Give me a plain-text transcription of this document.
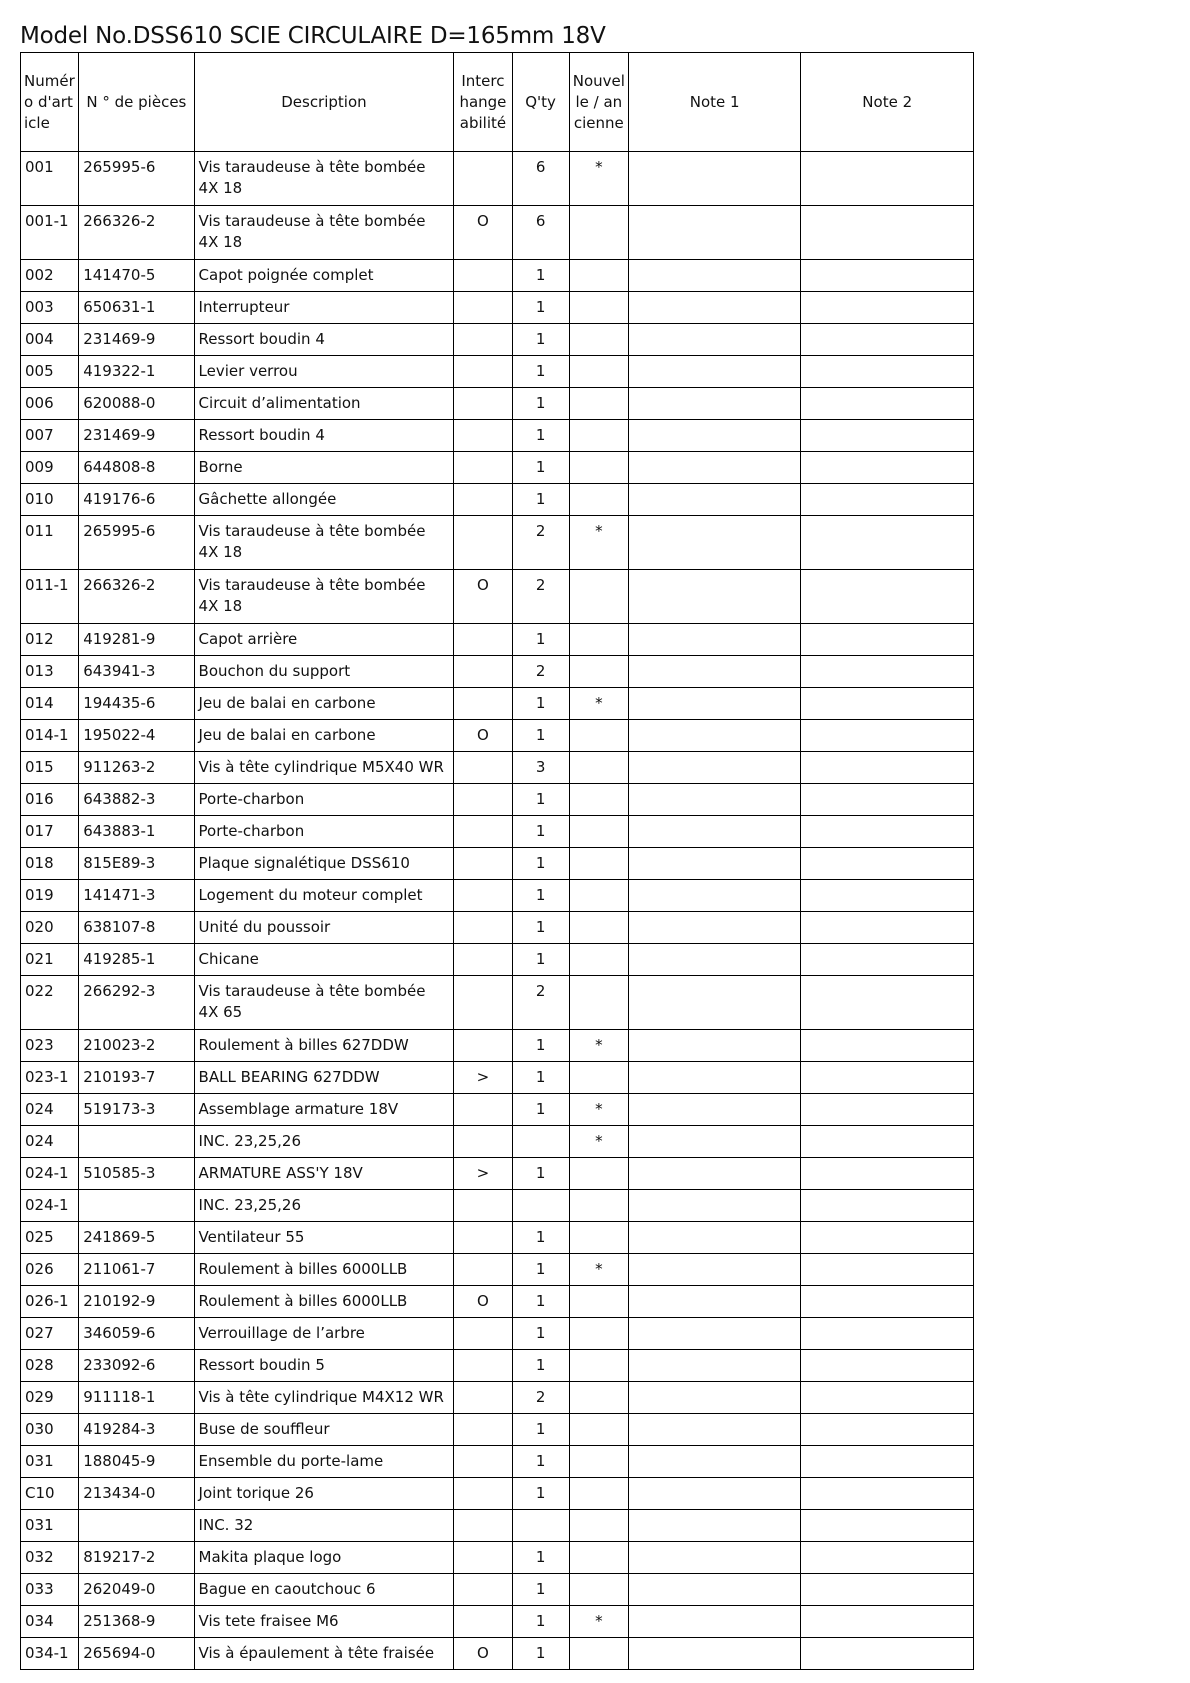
Model No.DSS610 SCIE CIRCULAIRE D=165mm 18V
Numéro d'article	N ° de pièces	Description	Interchangeabilité	Q'ty	Nouvelle / ancienne	Note 1	Note 2
001	265995-6	Vis taraudeuse à tête bombée 4X 18		6	*		
001-1	266326-2	Vis taraudeuse à tête bombée 4X 18	O	6			
002	141470-5	Capot poignée complet		1			
003	650631-1	Interrupteur		1			
004	231469-9	Ressort boudin 4		1			
005	419322-1	Levier verrou		1			
006	620088-0	Circuit d’alimentation		1			
007	231469-9	Ressort boudin 4		1			
009	644808-8	Borne		1			
010	419176-6	Gâchette allongée		1			
011	265995-6	Vis taraudeuse à tête bombée 4X 18		2	*		
011-1	266326-2	Vis taraudeuse à tête bombée 4X 18	O	2			
012	419281-9	Capot arrière		1			
013	643941-3	Bouchon du support		2			
014	194435-6	Jeu de balai en carbone		1	*		
014-1	195022-4	Jeu de balai en carbone	O	1			
015	911263-2	Vis à tête cylindrique M5X40 WR		3			
016	643882-3	Porte-charbon		1			
017	643883-1	Porte-charbon		1			
018	815E89-3	Plaque signalétique DSS610		1			
019	141471-3	Logement du moteur complet		1			
020	638107-8	Unité du poussoir		1			
021	419285-1	Chicane		1			
022	266292-3	Vis taraudeuse à tête bombée 4X 65		2			
023	210023-2	Roulement à billes 627DDW		1	*		
023-1	210193-7	BALL BEARING 627DDW	>	1			
024	519173-3	Assemblage armature 18V		1	*		
024		INC. 23,25,26			*		
024-1	510585-3	ARMATURE ASS'Y 18V	>	1			
024-1		INC. 23,25,26					
025	241869-5	Ventilateur 55		1			
026	211061-7	Roulement à billes 6000LLB		1	*		
026-1	210192-9	Roulement à billes 6000LLB	O	1			
027	346059-6	Verrouillage de l’arbre		1			
028	233092-6	Ressort boudin 5		1			
029	911118-1	Vis à tête cylindrique M4X12 WR		2			
030	419284-3	Buse de souffleur		1			
031	188045-9	Ensemble du porte-lame		1			
C10	213434-0	Joint torique 26		1			
031		INC. 32					
032	819217-2	Makita plaque logo		1			
033	262049-0	Bague en caoutchouc 6		1			
034	251368-9	Vis tete fraisee M6		1	*		
034-1	265694-0	Vis à épaulement à tête fraisée	O	1			
